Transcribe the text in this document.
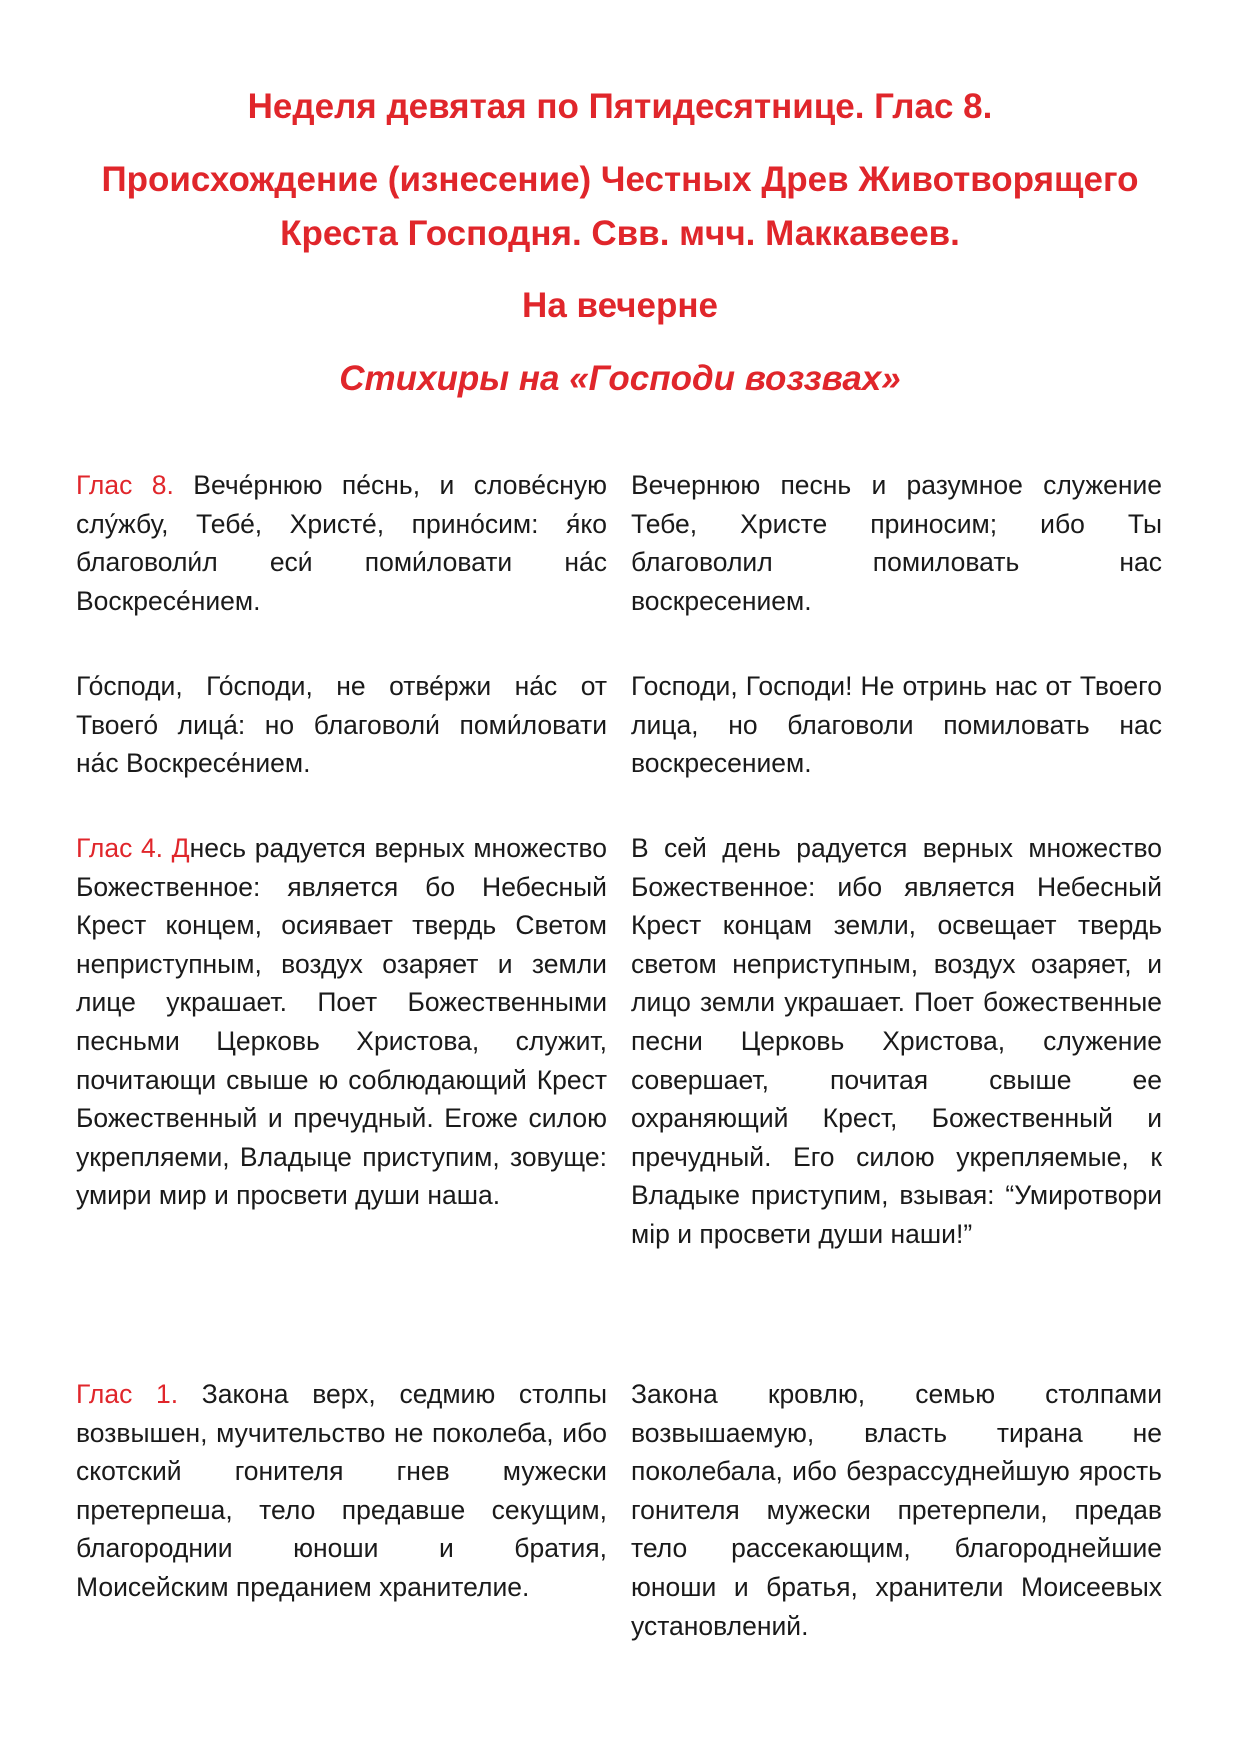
Неделя девятая по Пятидесятнице. Глас 8.
Происхождение (изнесение) Честных Древ Животворящего Креста Господня. Свв. мчч. Маккавеев.
На вечерне
Стихиры на «Господи воззвах»

Глас 8. Вече́рнюю пе́снь, и слове́сную слу́жбу, Тебе́, Христе́, прино́сим: я́ко благоволи́л еси́ поми́ловати на́с Воскресе́нием.

Вечернюю песнь и разумное служение Тебе, Христе приносим; ибо Ты благоволил помиловать нас воскресением.

Го́споди, Го́споди, не отве́ржи на́с от Твоего́ лица́: но благоволи́ поми́ловати на́с Воскресе́нием.

Господи, Господи! Не отринь нас от Твоего лица, но благоволи помиловать нас воскресением.

Глас 4. Днесь радуется верных множество Божественное: является бо Небесный Крест концем, осиявает твердь Светом неприступным, воздух озаряет и земли лице украшает. Поет Божественными песньми Церковь Христова, служит, почитающи свыше ю соблюдающий Крест Божественный и пречудный. Егоже силою укрепляеми, Владыце приступим, зовуще: умири мир и просвети души наша.

В сей день радуется верных множество Божественное: ибо является Небесный Крест концам земли, освещает твердь светом неприступным, воздух озаряет, и лицо земли украшает. Поет божественные песни Церковь Христова, служение совершает, почитая свыше ее охраняющий Крест, Божественный и пречудный. Его силою укрепляемые, к Владыке приступим, взывая: “Умиротвори мiр и просвети души наши!”

Глас 1. Закона верх, седмию столпы возвышен, мучительство не поколеба, ибо скотский гонителя гнев мужески претерпеша, тело предавше секущим, благороднии юноши и братия, Моисейским преданием хранителие.

Закона кровлю, семью столпами возвышаемую, власть тирана не поколебала, ибо безрассуднейшую ярость гонителя мужески претерпели, предав тело рассекающим, благороднейшие юноши и братья, хранители Моисеевых установлений.
